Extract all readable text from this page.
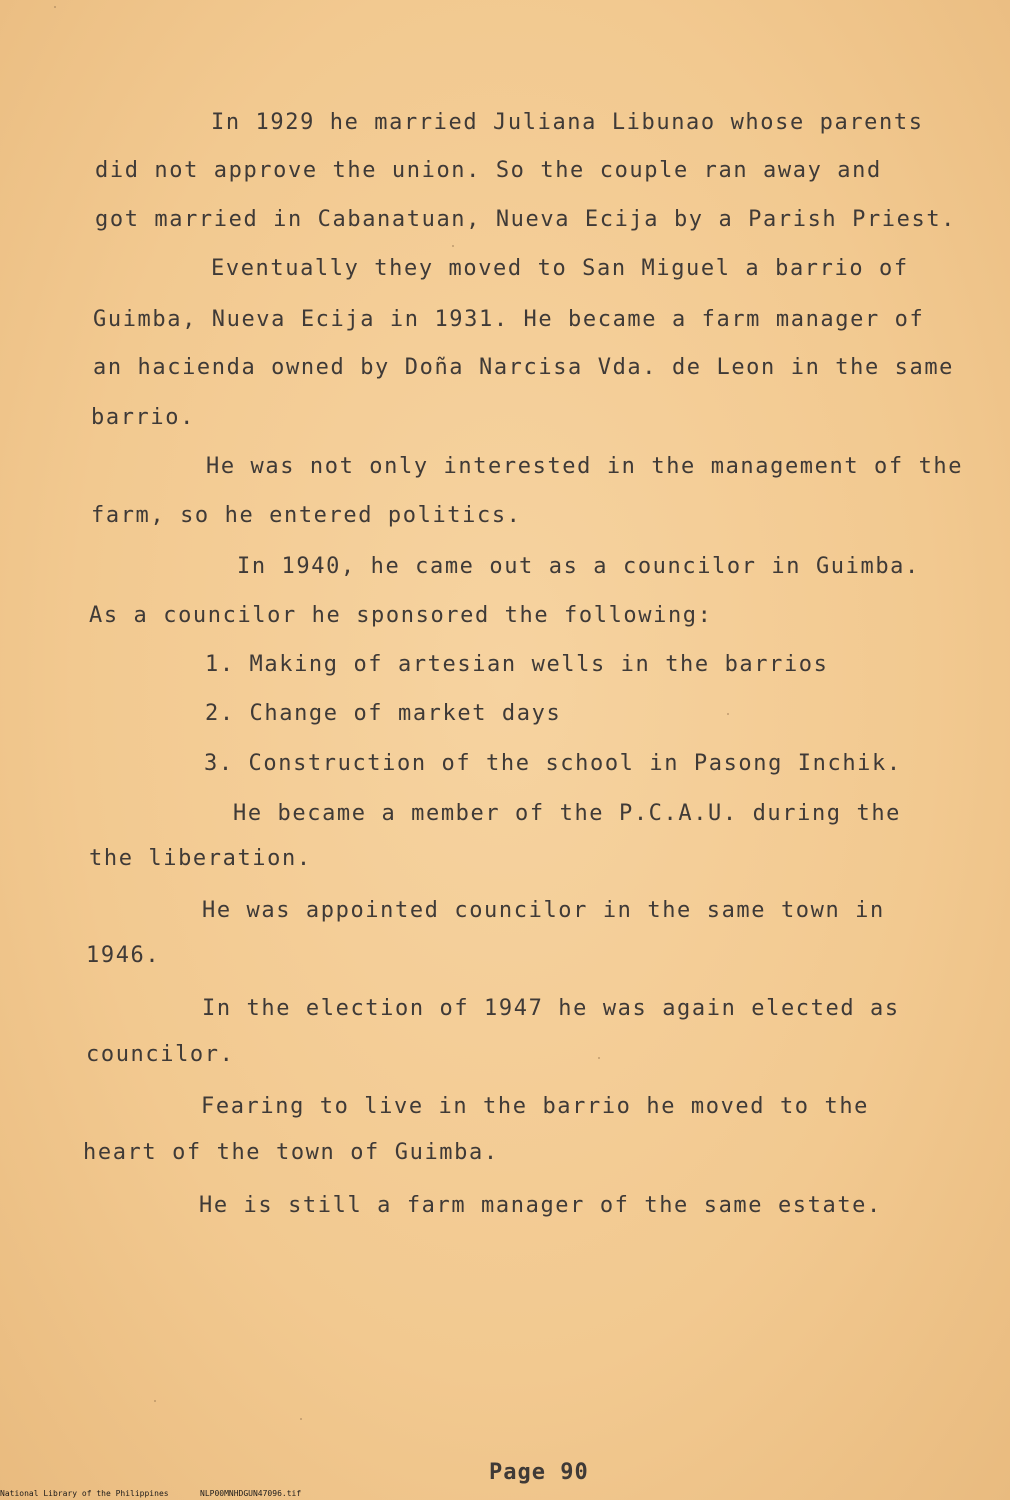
In 1929 he married Juliana Libunao whose parents
did not approve the union. So the couple ran away and
got married in Cabanatuan, Nueva Ecija by a Parish Priest.
Eventually they moved to San Miguel a barrio of
Guimba, Nueva Ecija in 1931. He became a farm manager of
an hacienda owned by Doña Narcisa Vda. de Leon in the same
barrio.
He was not only interested in the management of the
farm, so he entered politics.
In 1940, he came out as a councilor in Guimba.
As a councilor he sponsored the following:
1. Making of artesian wells in the barrios
2. Change of market days
3. Construction of the school in Pasong Inchik.
He became a member of the P.C.A.U. during the
the liberation.
He was appointed councilor in the same town in
1946.
In the election of 1947 he was again elected as
councilor.
Fearing to live in the barrio he moved to the
heart of the town of Guimba.
He is still a farm manager of the same estate.
Page 90
National Library of the Philippines	NLP00MNHDGUN47096.tif
